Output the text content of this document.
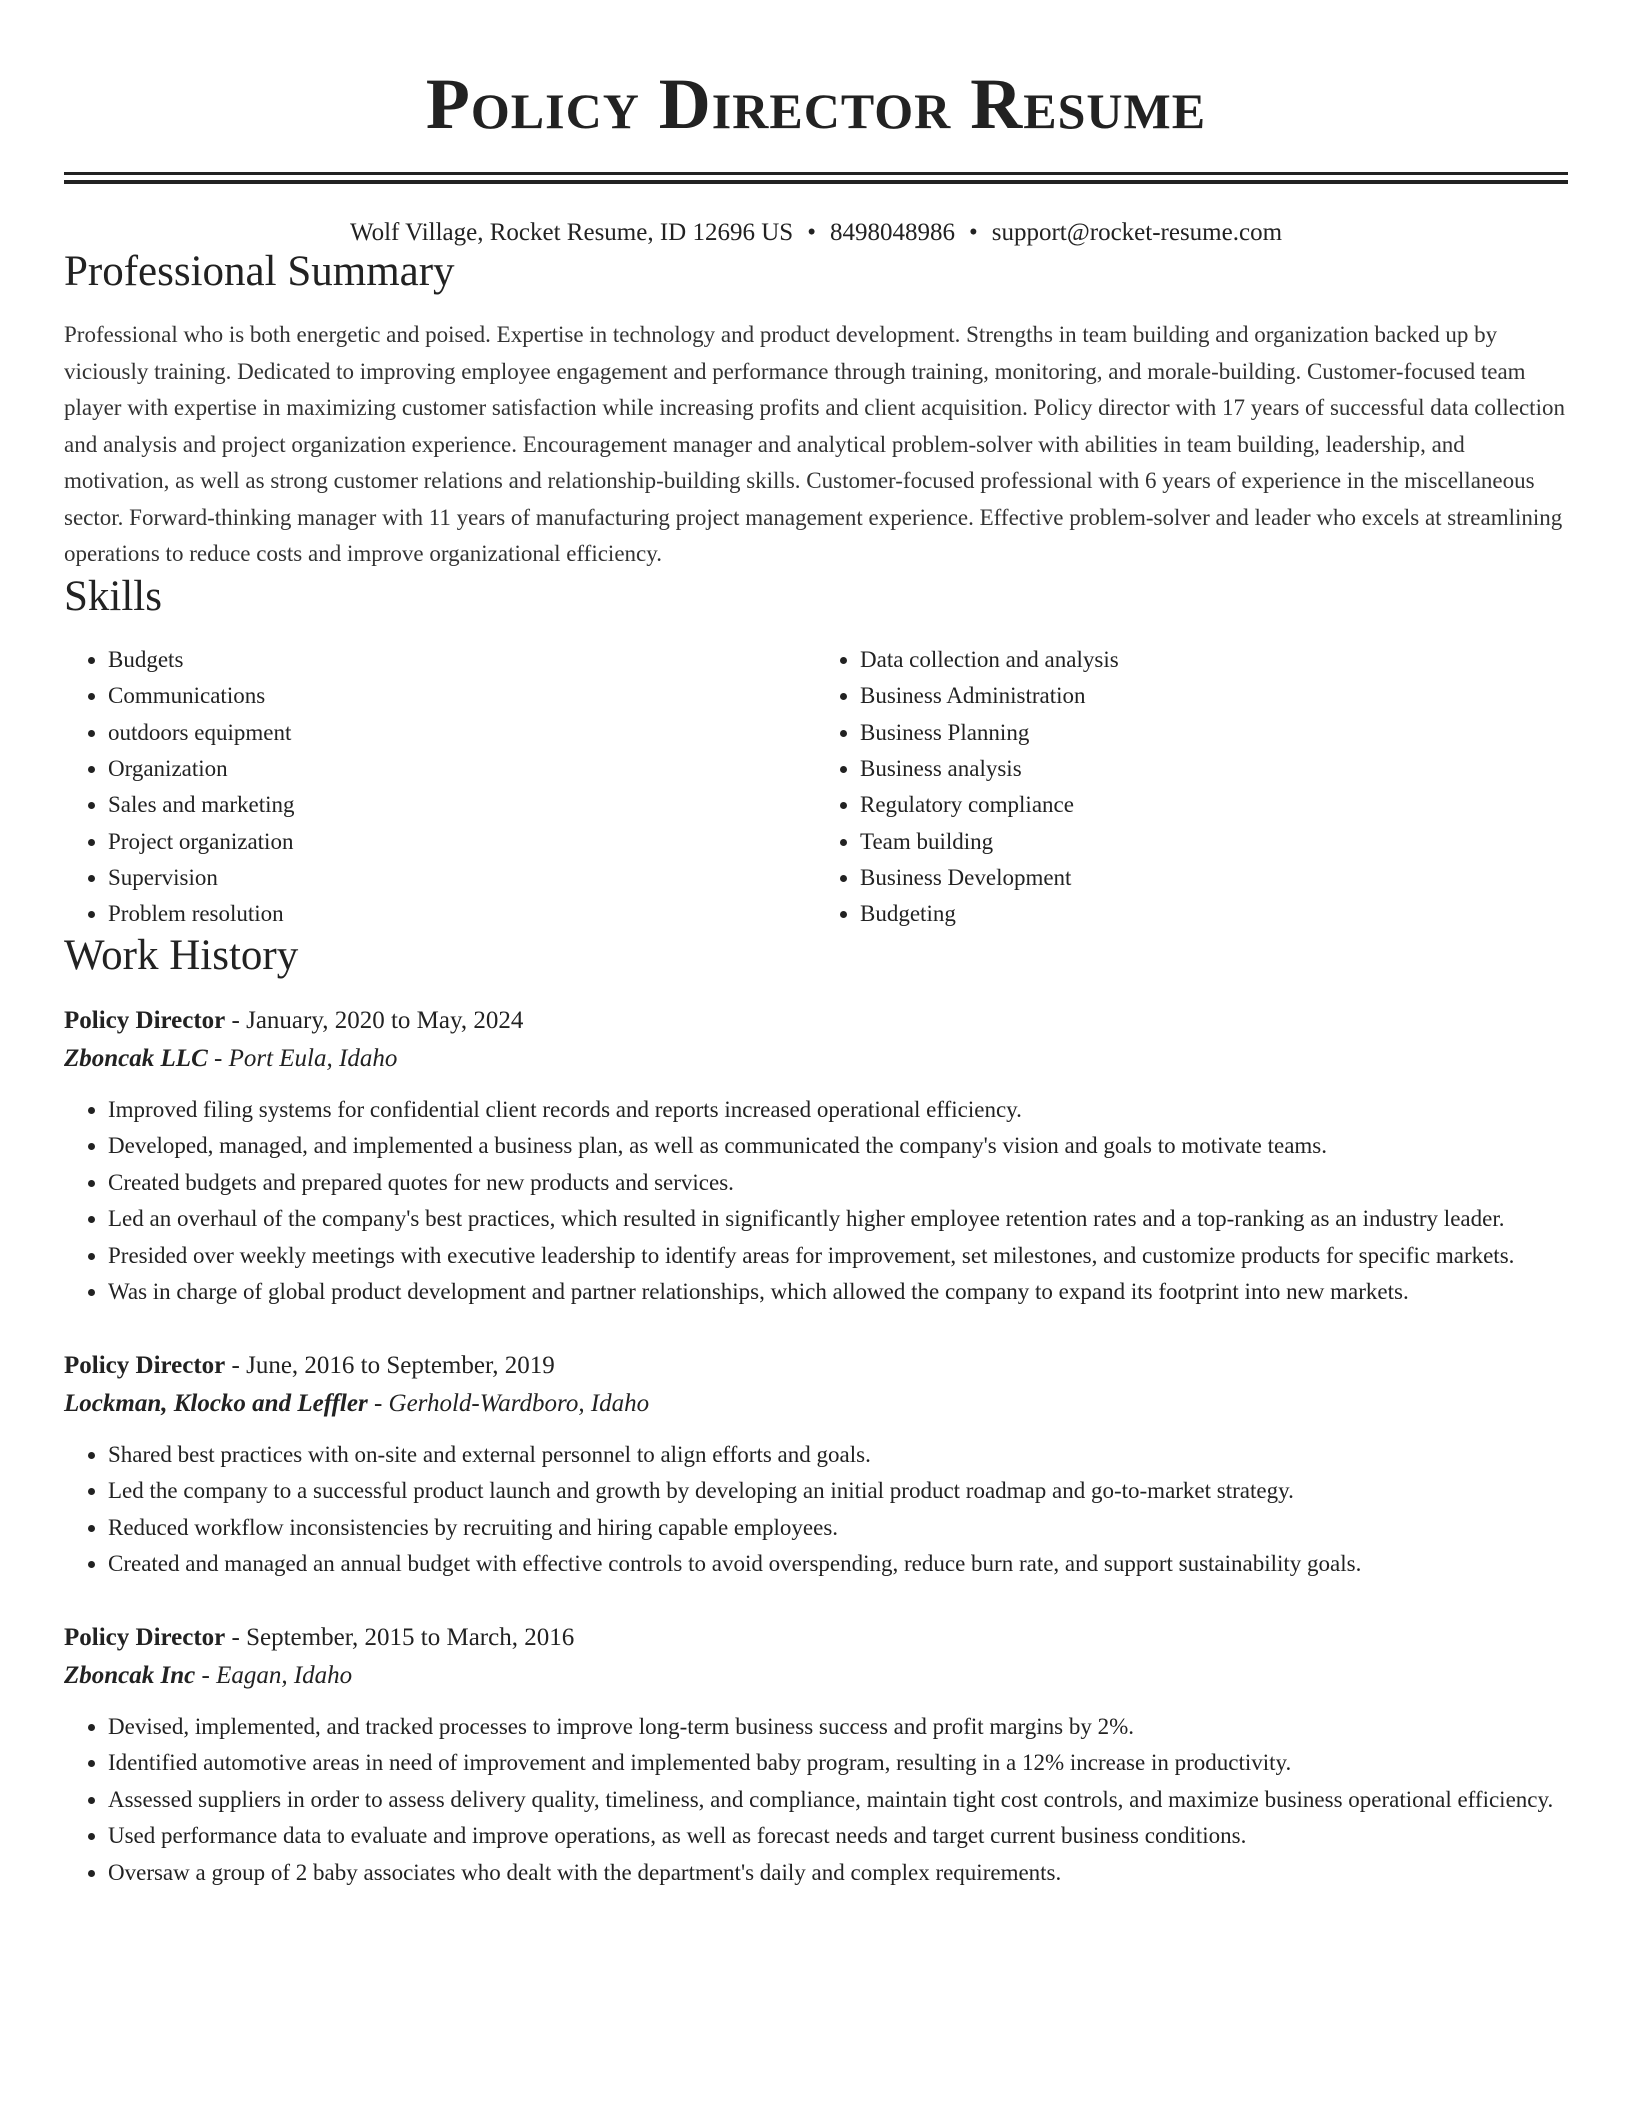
Policy Director Resume
Wolf Village, Rocket Resume, ID 12696 US • 8498048986 • support@rocket-resume.com
Professional Summary
Professional who is both energetic and poised. Expertise in technology and product development. Strengths in team building and organization backed up by viciously training. Dedicated to improving employee engagement and performance through training, monitoring, and morale-building. Customer-focused team player with expertise in maximizing customer satisfaction while increasing profits and client acquisition. Policy director with 17 years of successful data collection and analysis and project organization experience. Encouragement manager and analytical problem-solver with abilities in team building, leadership, and motivation, as well as strong customer relations and relationship-building skills. Customer-focused professional with 6 years of experience in the miscellaneous sector. Forward-thinking manager with 11 years of manufacturing project management experience. Effective problem-solver and leader who excels at streamlining operations to reduce costs and improve organizational efficiency.
Skills
• Budgets
• Communications
• outdoors equipment
• Organization
• Sales and marketing
• Project organization
• Supervision
• Problem resolution
• Data collection and analysis
• Business Administration
• Business Planning
• Business analysis
• Regulatory compliance
• Team building
• Business Development
• Budgeting
Work History
Policy Director - January, 2020 to May, 2024
Zboncak LLC - Port Eula, Idaho
• Improved filing systems for confidential client records and reports increased operational efficiency.
• Developed, managed, and implemented a business plan, as well as communicated the company's vision and goals to motivate teams.
• Created budgets and prepared quotes for new products and services.
• Led an overhaul of the company's best practices, which resulted in significantly higher employee retention rates and a top-ranking as an industry leader.
• Presided over weekly meetings with executive leadership to identify areas for improvement, set milestones, and customize products for specific markets.
• Was in charge of global product development and partner relationships, which allowed the company to expand its footprint into new markets.
Policy Director - June, 2016 to September, 2019
Lockman, Klocko and Leffler - Gerhold-Wardboro, Idaho
• Shared best practices with on-site and external personnel to align efforts and goals.
• Led the company to a successful product launch and growth by developing an initial product roadmap and go-to-market strategy.
• Reduced workflow inconsistencies by recruiting and hiring capable employees.
• Created and managed an annual budget with effective controls to avoid overspending, reduce burn rate, and support sustainability goals.
Policy Director - September, 2015 to March, 2016
Zboncak Inc - Eagan, Idaho
• Devised, implemented, and tracked processes to improve long-term business success and profit margins by 2%.
• Identified automotive areas in need of improvement and implemented baby program, resulting in a 12% increase in productivity.
• Assessed suppliers in order to assess delivery quality, timeliness, and compliance, maintain tight cost controls, and maximize business operational efficiency.
• Used performance data to evaluate and improve operations, as well as forecast needs and target current business conditions.
• Oversaw a group of 2 baby associates who dealt with the department's daily and complex requirements.
